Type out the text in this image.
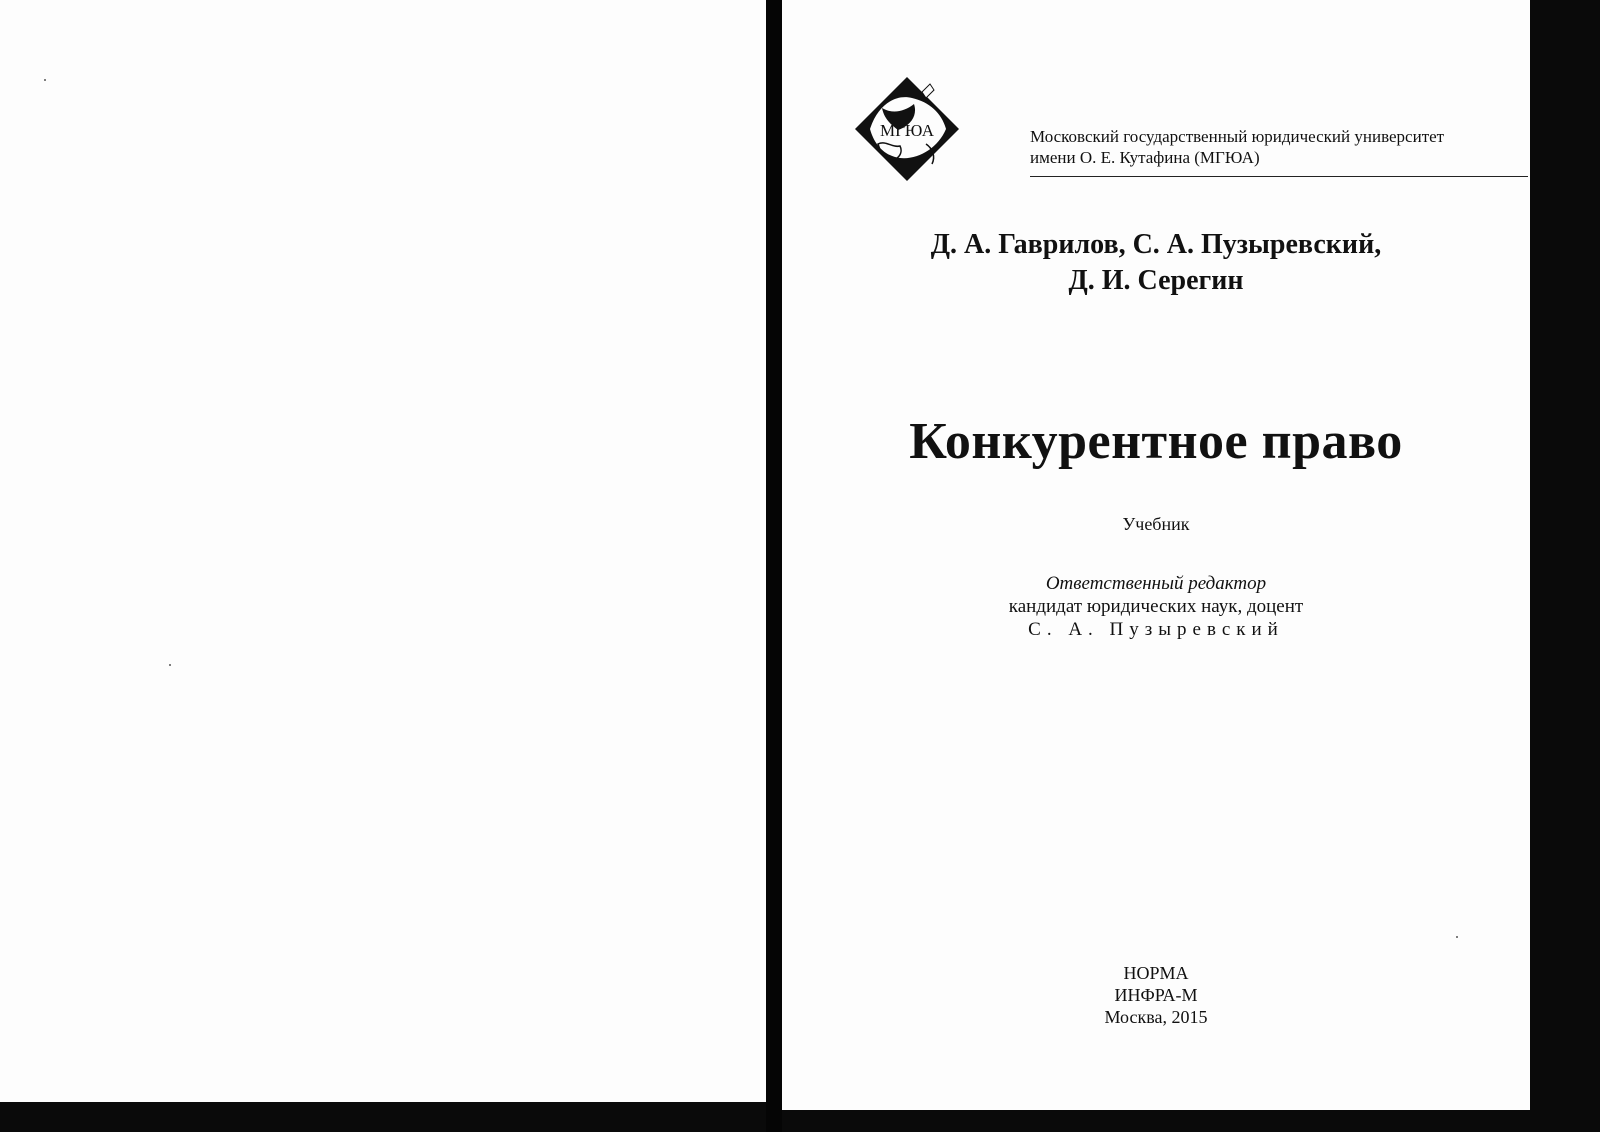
МГЮА	Московский государственный юридический университет
имени О. Е. Кутафина (МГЮА)
Д. А. Гаврилов, С. А. Пузыревский,
Д. И. Серегин
Конкурентное право
Учебник
Ответственный редактор
кандидат юридических наук, доцент
С. А. Пузыревский
НОРМА
ИНФРА-М
Москва, 2015
